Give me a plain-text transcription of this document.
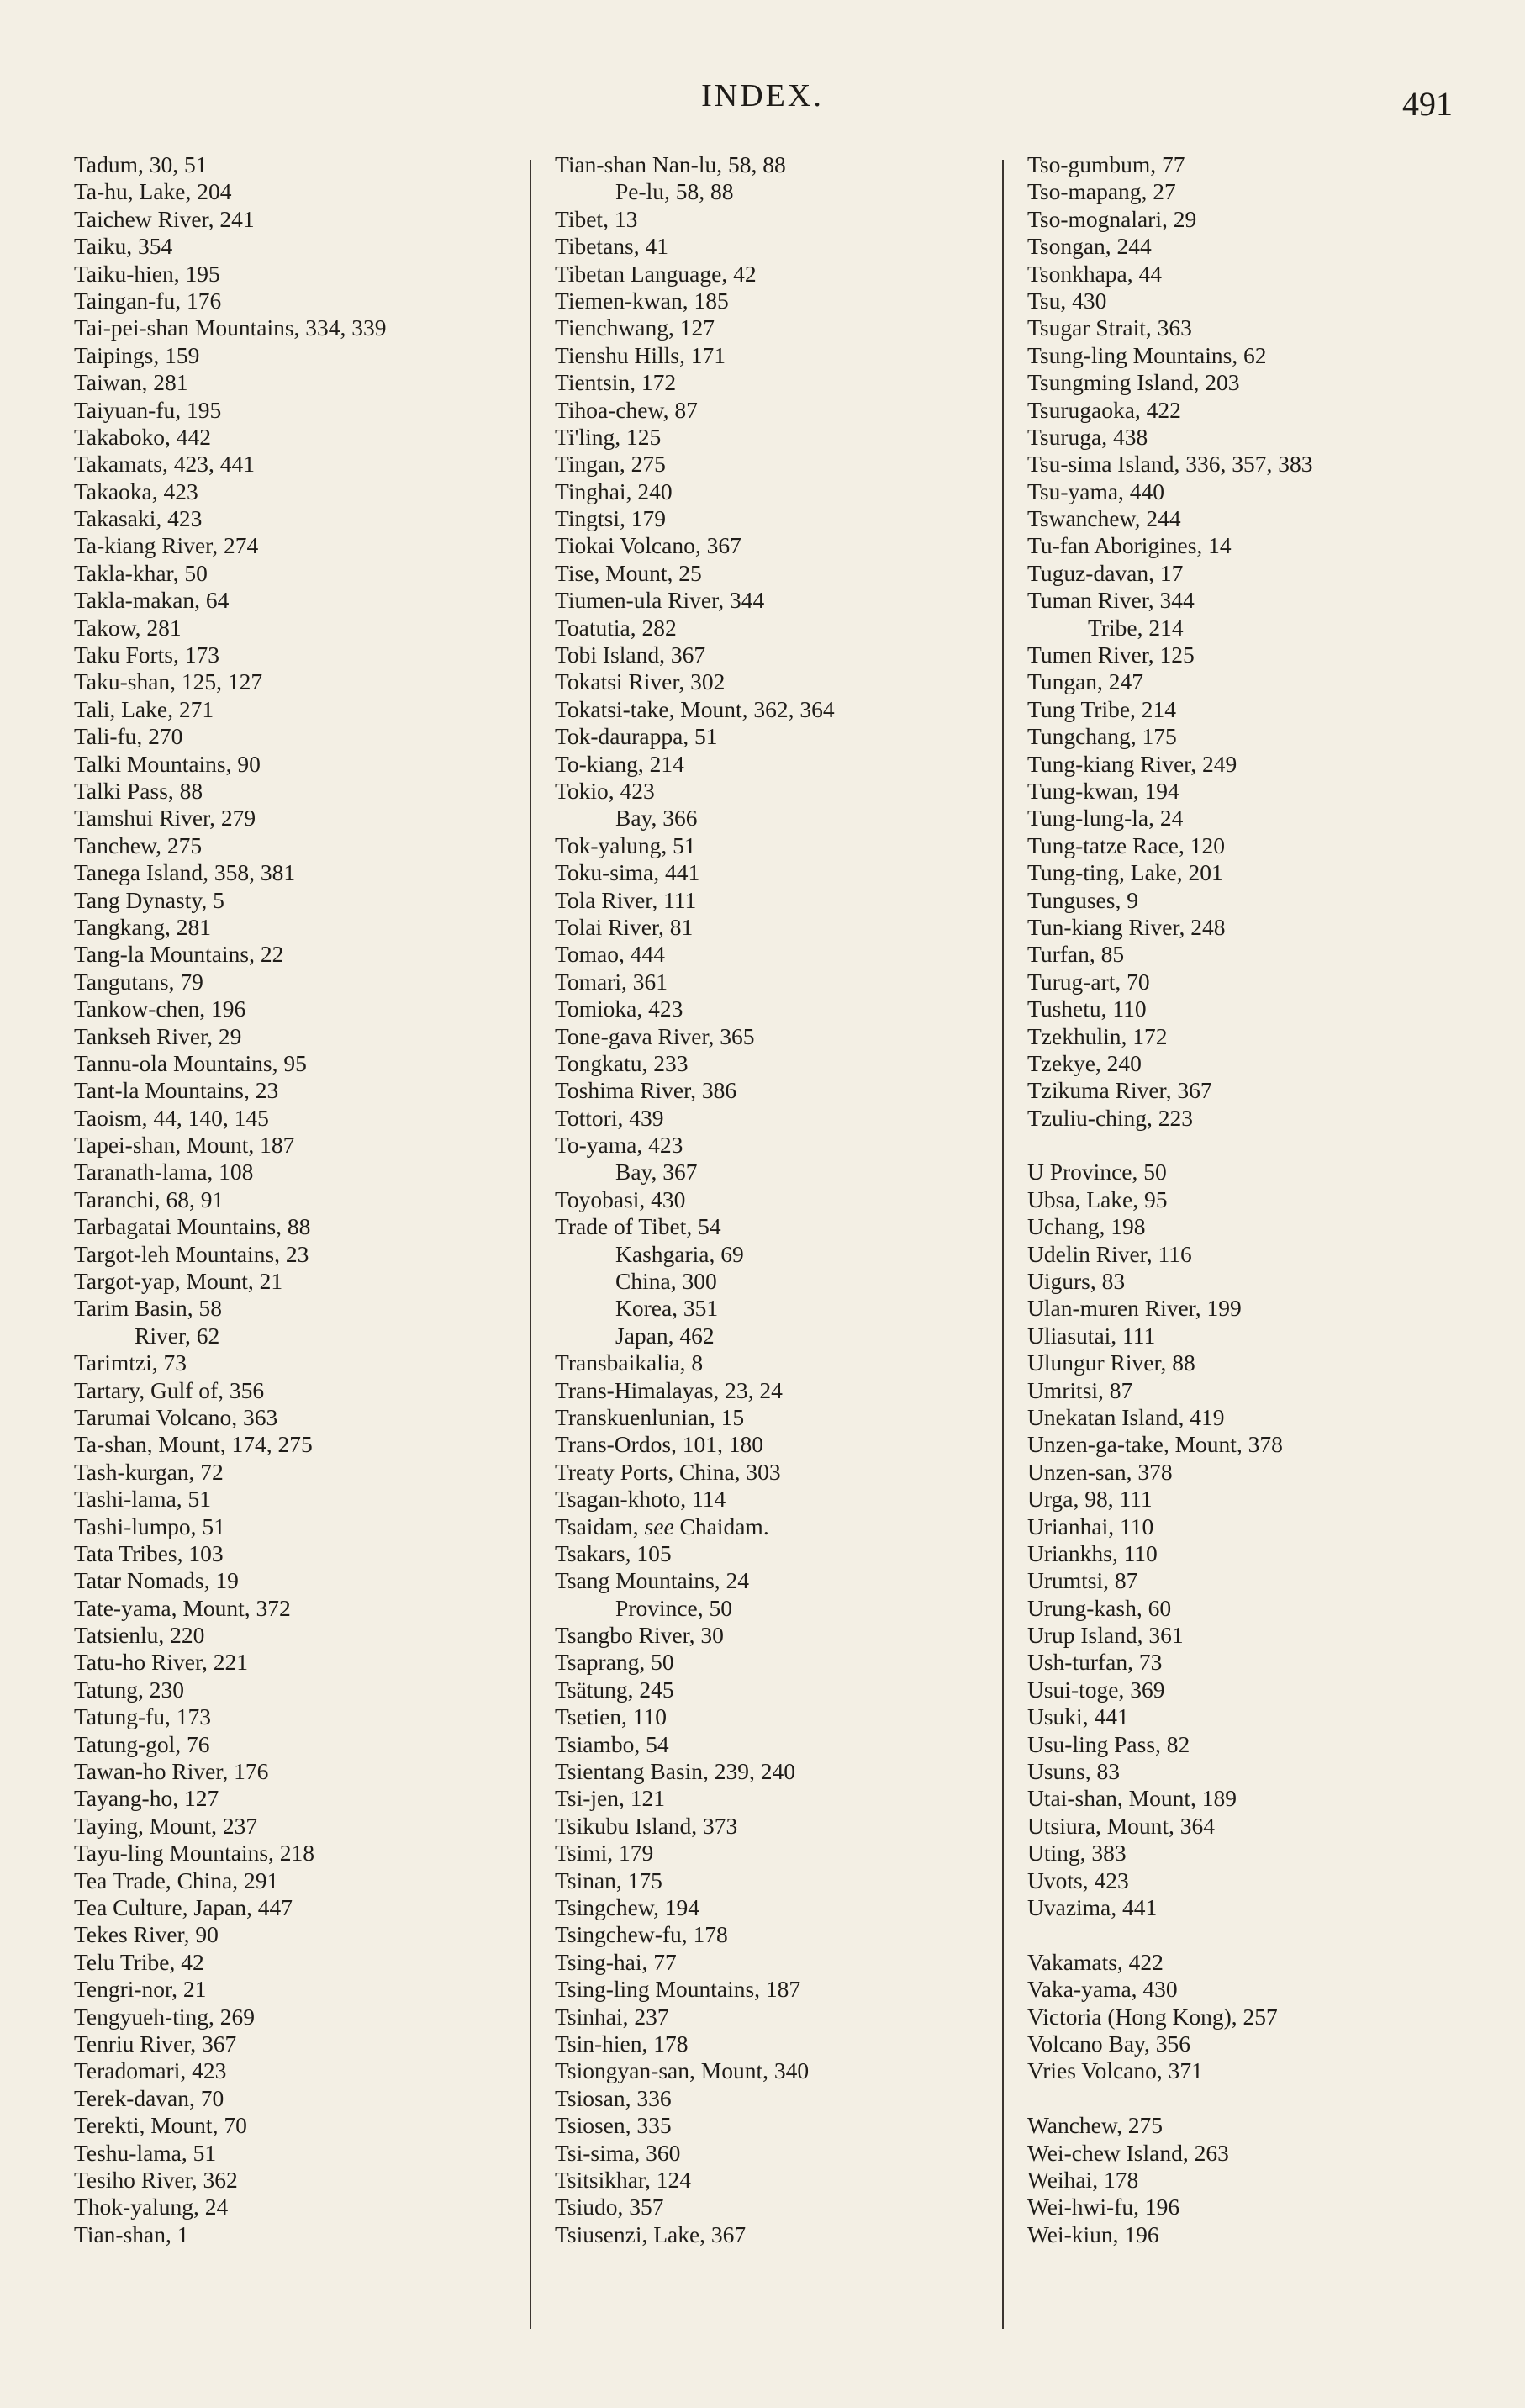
INDEX.	491
Tadum, 30, 51
Ta-hu, Lake, 204
Taichew River, 241
Taiku, 354
Taiku-hien, 195
Taingan-fu, 176
Tai-pei-shan Mountains, 334, 339
Taipings, 159
Taiwan, 281
Taiyuan-fu, 195
Takaboko, 442
Takamats, 423, 441
Takaoka, 423
Takasaki, 423
Ta-kiang River, 274
Takla-khar, 50
Takla-makan, 64
Takow, 281
Taku Forts, 173
Taku-shan, 125, 127
Tali, Lake, 271
Tali-fu, 270
Talki Mountains, 90
Talki Pass, 88
Tamshui River, 279
Tanchew, 275
Tanega Island, 358, 381
Tang Dynasty, 5
Tangkang, 281
Tang-la Mountains, 22
Tangutans, 79
Tankow-chen, 196
Tankseh River, 29
Tannu-ola Mountains, 95
Tant-la Mountains, 23
Taoism, 44, 140, 145
Tapei-shan, Mount, 187
Taranath-lama, 108
Taranchi, 68, 91
Tarbagatai Mountains, 88
Targot-leh Mountains, 23
Targot-yap, Mount, 21
Tarim Basin, 58
River, 62
Tarimtzi, 73
Tartary, Gulf of, 356
Tarumai Volcano, 363
Ta-shan, Mount, 174, 275
Tash-kurgan, 72
Tashi-lama, 51
Tashi-lumpo, 51
Tata Tribes, 103
Tatar Nomads, 19
Tate-yama, Mount, 372
Tatsienlu, 220
Tatu-ho River, 221
Tatung, 230
Tatung-fu, 173
Tatung-gol, 76
Tawan-ho River, 176
Tayang-ho, 127
Taying, Mount, 237
Tayu-ling Mountains, 218
Tea Trade, China, 291
Tea Culture, Japan, 447
Tekes River, 90
Telu Tribe, 42
Tengri-nor, 21
Tengyueh-ting, 269
Tenriu River, 367
Teradomari, 423
Terek-davan, 70
Terekti, Mount, 70
Teshu-lama, 51
Tesiho River, 362
Thok-yalung, 24
Tian-shan, 1
Tian-shan Nan-lu, 58, 88
Pe-lu, 58, 88
Tibet, 13
Tibetans, 41
Tibetan Language, 42
Tiemen-kwan, 185
Tienchwang, 127
Tienshu Hills, 171
Tientsin, 172
Tihoa-chew, 87
Ti'ling, 125
Tingan, 275
Tinghai, 240
Tingtsi, 179
Tiokai Volcano, 367
Tise, Mount, 25
Tiumen-ula River, 344
Toatutia, 282
Tobi Island, 367
Tokatsi River, 302
Tokatsi-take, Mount, 362, 364
Tok-daurappa, 51
To-kiang, 214
Tokio, 423
Bay, 366
Tok-yalung, 51
Toku-sima, 441
Tola River, 111
Tolai River, 81
Tomao, 444
Tomari, 361
Tomioka, 423
Tone-gava River, 365
Tongkatu, 233
Toshima River, 386
Tottori, 439
To-yama, 423
Bay, 367
Toyobasi, 430
Trade of Tibet, 54
Kashgaria, 69
China, 300
Korea, 351
Japan, 462
Transbaikalia, 8
Trans-Himalayas, 23, 24
Transkuenlunian, 15
Trans-Ordos, 101, 180
Treaty Ports, China, 303
Tsagan-khoto, 114
Tsaidam, see Chaidam.
Tsakars, 105
Tsang Mountains, 24
Province, 50
Tsangbo River, 30
Tsaprang, 50
Tsätung, 245
Tsetien, 110
Tsiambo, 54
Tsientang Basin, 239, 240
Tsi-jen, 121
Tsikubu Island, 373
Tsimi, 179
Tsinan, 175
Tsingchew, 194
Tsingchew-fu, 178
Tsing-hai, 77
Tsing-ling Mountains, 187
Tsinhai, 237
Tsin-hien, 178
Tsiongyan-san, Mount, 340
Tsiosan, 336
Tsiosen, 335
Tsi-sima, 360
Tsitsikhar, 124
Tsiudo, 357
Tsiusenzi, Lake, 367
Tso-gumbum, 77
Tso-mapang, 27
Tso-mognalari, 29
Tsongan, 244
Tsonkhapa, 44
Tsu, 430
Tsugar Strait, 363
Tsung-ling Mountains, 62
Tsungming Island, 203
Tsurugaoka, 422
Tsuruga, 438
Tsu-sima Island, 336, 357, 383
Tsu-yama, 440
Tswanchew, 244
Tu-fan Aborigines, 14
Tuguz-davan, 17
Tuman River, 344
Tribe, 214
Tumen River, 125
Tungan, 247
Tung Tribe, 214
Tungchang, 175
Tung-kiang River, 249
Tung-kwan, 194
Tung-lung-la, 24
Tung-tatze Race, 120
Tung-ting, Lake, 201
Tunguses, 9
Tun-kiang River, 248
Turfan, 85
Turug-art, 70
Tushetu, 110
Tzekhulin, 172
Tzekye, 240
Tzikuma River, 367
Tzuliu-ching, 223
U Province, 50
Ubsa, Lake, 95
Uchang, 198
Udelin River, 116
Uigurs, 83
Ulan-muren River, 199
Uliasutai, 111
Ulungur River, 88
Umritsi, 87
Unekatan Island, 419
Unzen-ga-take, Mount, 378
Unzen-san, 378
Urga, 98, 111
Urianhai, 110
Uriankhs, 110
Urumtsi, 87
Urung-kash, 60
Urup Island, 361
Ush-turfan, 73
Usui-toge, 369
Usuki, 441
Usu-ling Pass, 82
Usuns, 83
Utai-shan, Mount, 189
Utsiura, Mount, 364
Uting, 383
Uvots, 423
Uvazima, 441
Vakamats, 422
Vaka-yama, 430
Victoria (Hong Kong), 257
Volcano Bay, 356
Vries Volcano, 371
Wanchew, 275
Wei-chew Island, 263
Weihai, 178
Wei-hwi-fu, 196
Wei-kiun, 196
